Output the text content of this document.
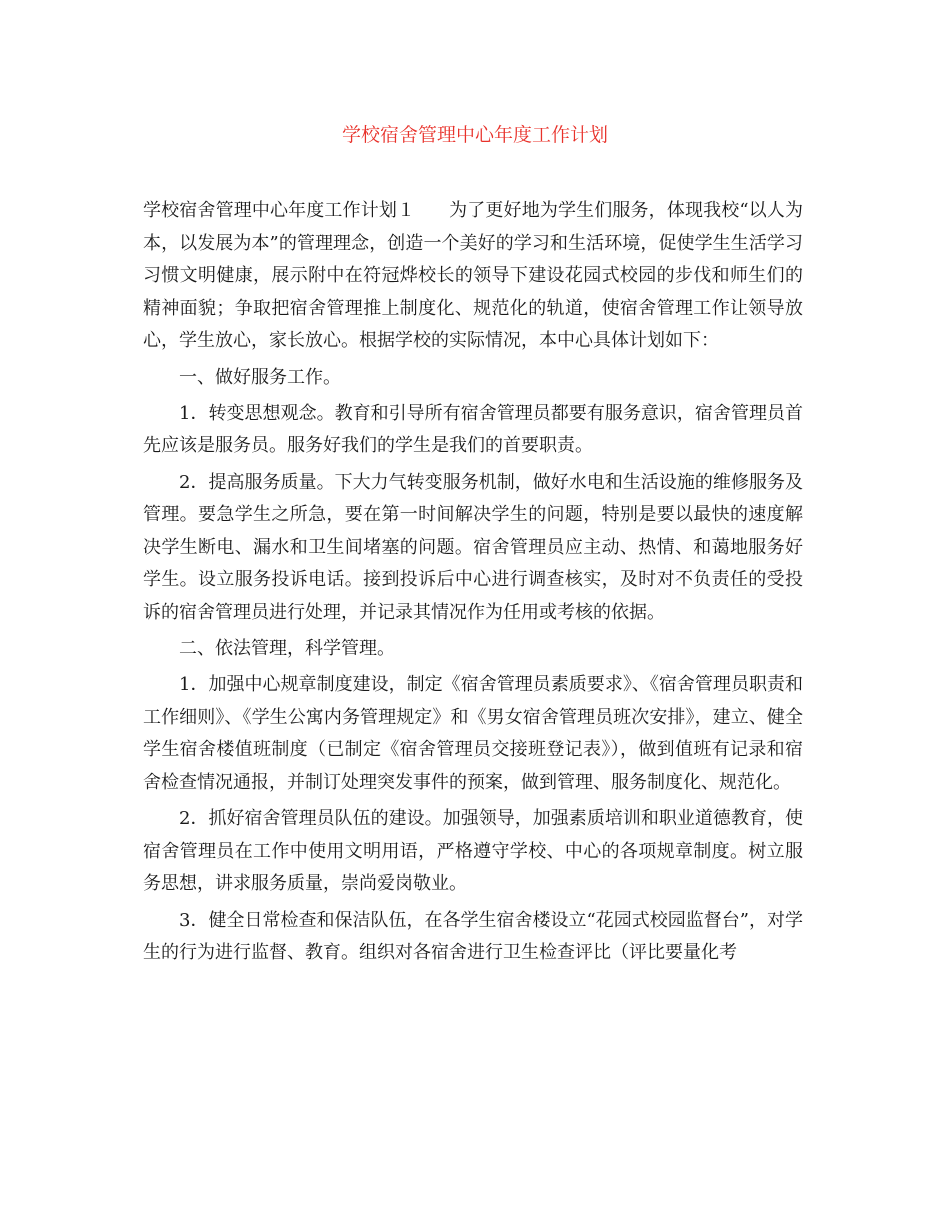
学校宿舍管理中心年度工作计划

学校宿舍管理中心年度工作计划１ 为了更好地为学生们服务，体现我校“以人为本，以发展为本”的管理理念，创造一个美好的学习和生活环境，促使学生生活学习习惯文明健康，展示附中在符冠烨校长的领导下建设花园式校园的步伐和师生们的精神面貌；争取把宿舍管理推上制度化、规范化的轨道，使宿舍管理工作让领导放心，学生放心，家长放心。根据学校的实际情况，本中心具体计划如下：

一、做好服务工作。

1．转变思想观念。教育和引导所有宿舍管理员都要有服务意识，宿舍管理员首先应该是服务员。服务好我们的学生是我们的首要职责。

2．提高服务质量。下大力气转变服务机制，做好水电和生活设施的维修服务及管理。要急学生之所急，要在第一时间解决学生的问题，特别是要以最快的速度解决学生断电、漏水和卫生间堵塞的问题。宿舍管理员应主动、热情、和蔼地服务好学生。设立服务投诉电话。接到投诉后中心进行调查核实，及时对不负责任的受投诉的宿舍管理员进行处理，并记录其情况作为任用或考核的依据。

二、依法管理，科学管理。

1．加强中心规章制度建设，制定《宿舍管理员素质要求》、《宿舍管理员职责和工作细则》、《学生公寓内务管理规定》和《男女宿舍管理员班次安排》，建立、健全学生宿舍楼值班制度（已制定《宿舍管理员交接班登记表》），做到值班有记录和宿舍检查情况通报，并制订处理突发事件的预案，做到管理、服务制度化、规范化。

2．抓好宿舍管理员队伍的建设。加强领导，加强素质培训和职业道德教育，使宿舍管理员在工作中使用文明用语，严格遵守学校、中心的各项规章制度。树立服务思想，讲求服务质量，崇尚爱岗敬业。

3．健全日常检查和保洁队伍，在各学生宿舍楼设立“花园式校园监督台”，对学生的行为进行监督、教育。组织对各宿舍进行卫生检查评比（评比要量化考
